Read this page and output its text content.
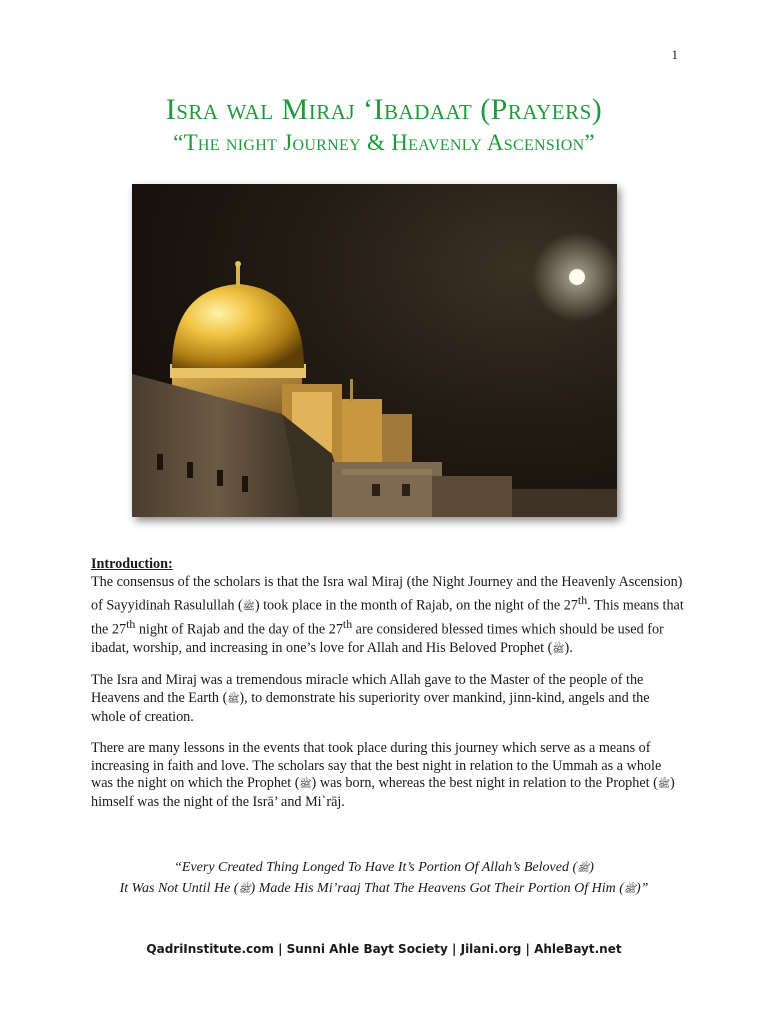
1
Isra wal Miraj ‘Ibadaat (Prayers)
“The night Journey & Heavenly Ascension”

Introduction:
The consensus of the scholars is that the Isra wal Miraj (the Night Journey and the Heavenly Ascension) of Sayyidinah Rasulullah (ﷺ) took place in the month of Rajab, on the night of the 27th. This means that the 27th night of Rajab and the day of the 27th are considered blessed times which should be used for ibadat, worship, and increasing in one’s love for Allah and His Beloved Prophet (ﷺ).

The Isra and Miraj was a tremendous miracle which Allah gave to the Master of the people of the Heavens and the Earth (ﷺ), to demonstrate his superiority over mankind, jinn-kind, angels and the whole of creation.

There are many lessons in the events that took place during this journey which serve as a means of increasing in faith and love. The scholars say that the best night in relation to the Ummah as a whole was the night on which the Prophet (ﷺ) was born, whereas the best night in relation to the Prophet (ﷺ) himself was the night of the Isrā’ and Mi`rāj.

“Every Created Thing Longed To Have It’s Portion Of Allah’s Beloved (ﷺ)
It Was Not Until He (ﷺ) Made His Mi’raaj That The Heavens Got Their Portion Of Him (ﷺ)”
QadriInstitute.com | Sunni Ahle Bayt Society | Jilani.org | AhleBayt.net
